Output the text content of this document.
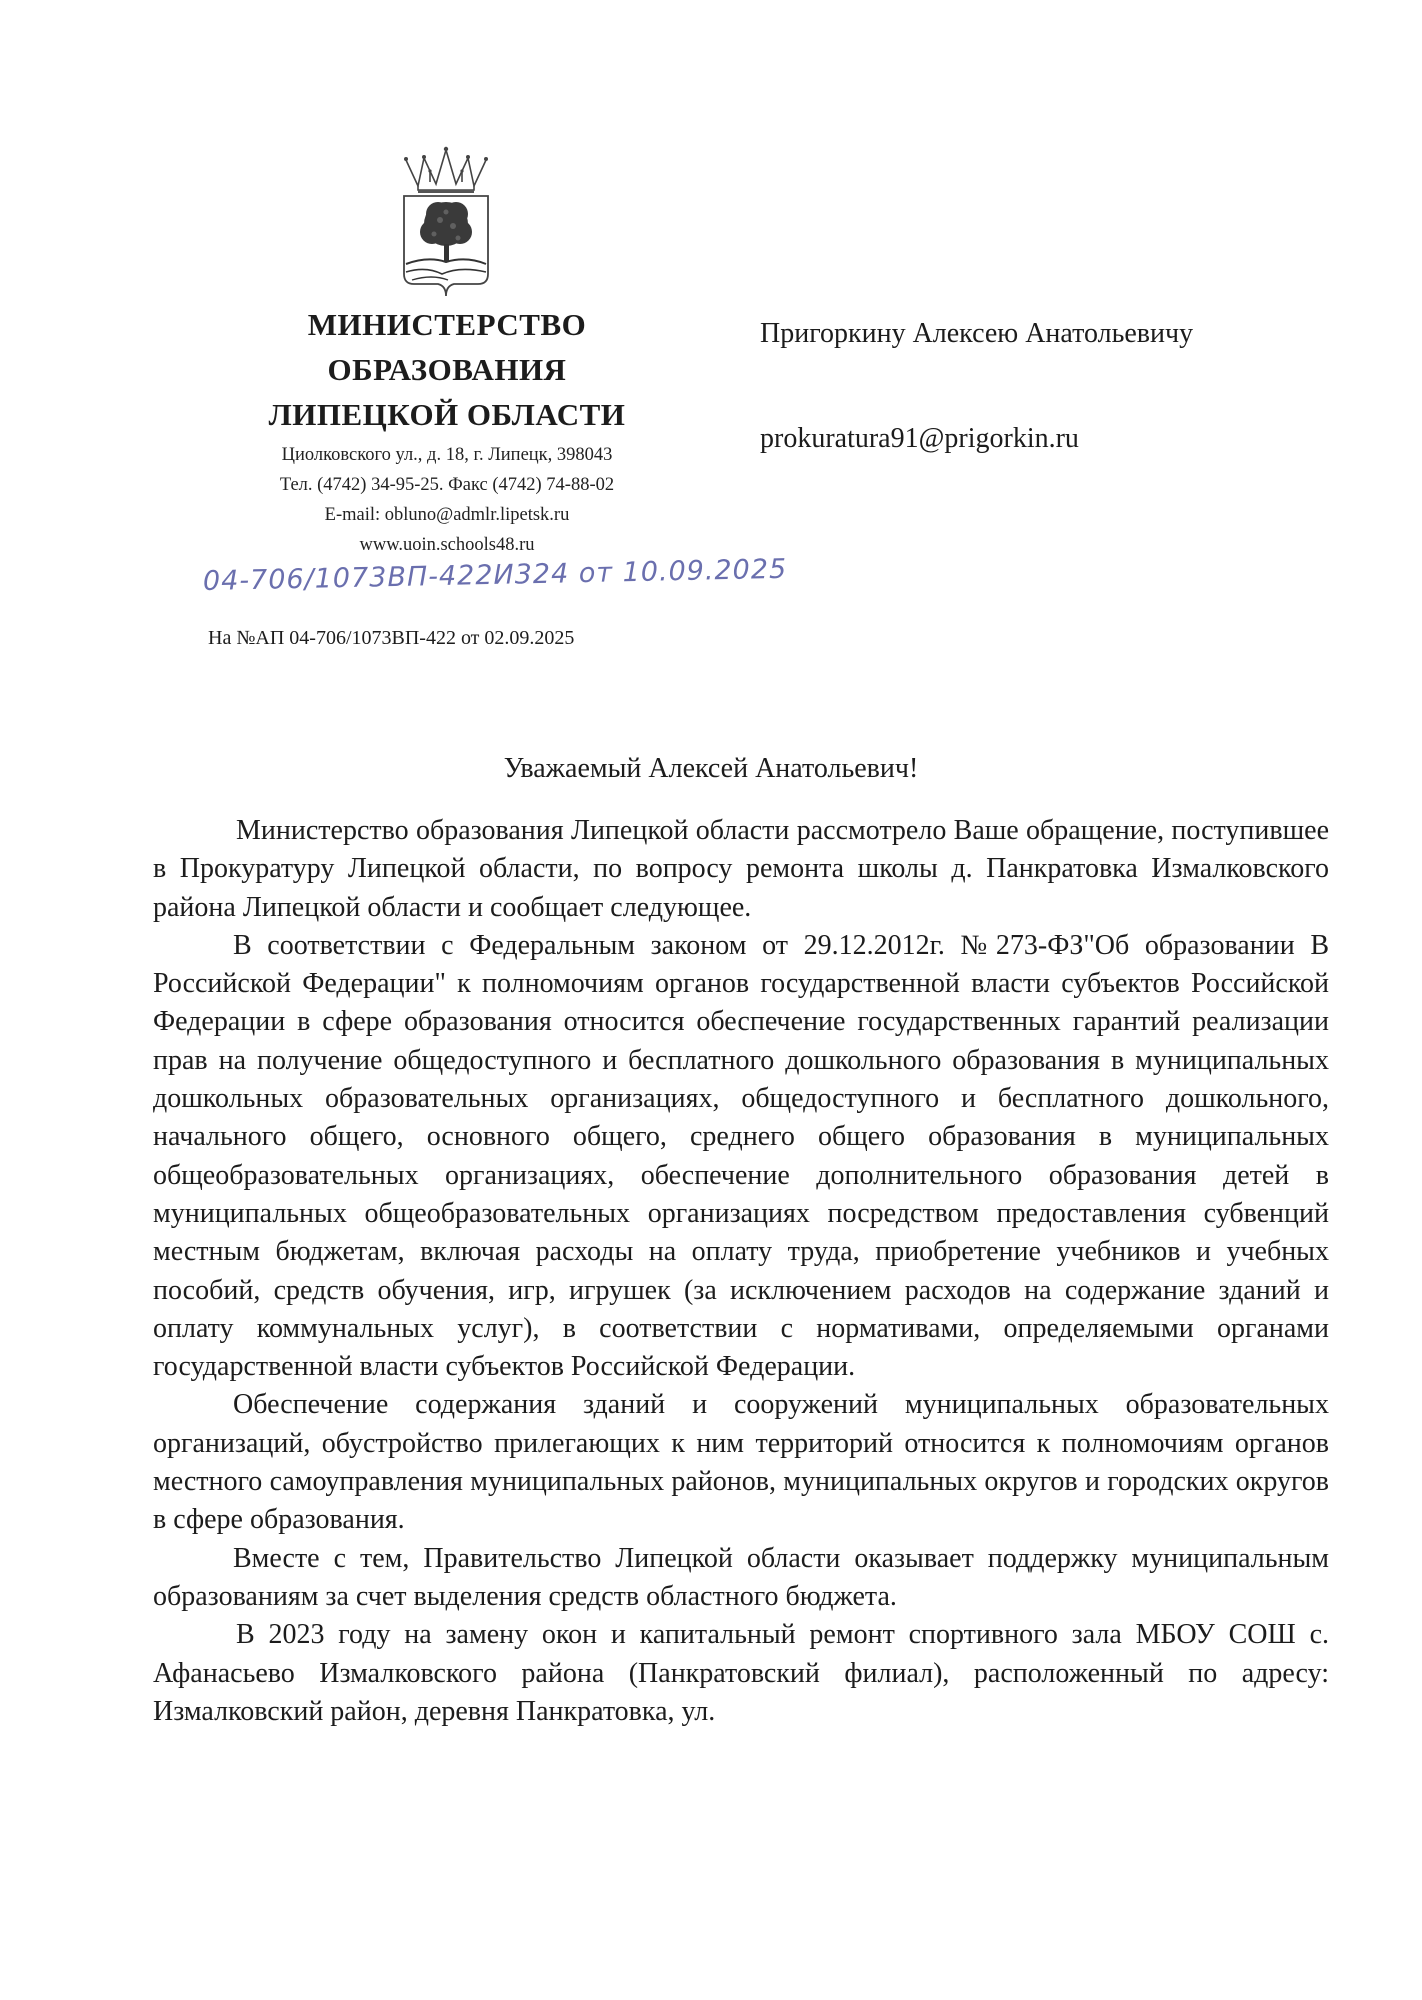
МИНИСТЕРСТВО
ОБРАЗОВАНИЯ
ЛИПЕЦКОЙ ОБЛАСТИ
Циолковского ул., д. 18, г. Липецк, 398043
Тел. (4742) 34-95-25. Факс (4742) 74-88-02
E-mail: obluno@admlr.lipetsk.ru
www.uoin.schools48.ru
04-706/1073ВП-422И324 от 10.09.2025
На №АП 04-706/1073ВП-422 от 02.09.2025
Пригоркину Алексею Анатольевичу
prokuratura91@prigorkin.ru
Уважаемый Алексей Анатольевич!

Министерство образования Липецкой области рассмотрело Ваше обращение, поступившее в Прокуратуру Липецкой области, по вопросу ремонта школы д. Панкратовка Измалковского района Липецкой области и сообщает следующее.

В соответствии с Федеральным законом от 29.12.2012г. №273-ФЗ"Об образовании В Российской Федерации" к полномочиям органов государственной власти субъектов Российской Федерации в сфере образования относится обеспечение государственных гарантий реализации прав на получение общедоступного и бесплатного дошкольного образования в муниципальных дошкольных образовательных организациях, общедоступного и бесплатного дошкольного, начального общего, основного общего, среднего общего образования в муниципальных общеобразовательных организациях, обеспечение дополнительного образования детей в муниципальных общеобразовательных организациях посредством предоставления субвенций местным бюджетам, включая расходы на оплату труда, приобретение учебников и учебных пособий, средств обучения, игр, игрушек (за исключением расходов на содержание зданий и оплату коммунальных услуг), в соответствии с нормативами, определяемыми органами государственной власти субъектов Российской Федерации.

Обеспечение содержания зданий и сооружений муниципальных образовательных организаций, обустройство прилегающих к ним территорий относится к полномочиям органов местного самоуправления муниципальных районов, муниципальных округов и городских округов в сфере образования.

Вместе с тем, Правительство Липецкой области оказывает поддержку муниципальным образованиям за счет выделения средств областного бюджета.

В 2023 году на замену окон и капитальный ремонт спортивного зала МБОУ СОШ с. Афанасьево Измалковского района (Панкратовский филиал), расположенный по адресу: Измалковский район, деревня Панкратовка, ул.
